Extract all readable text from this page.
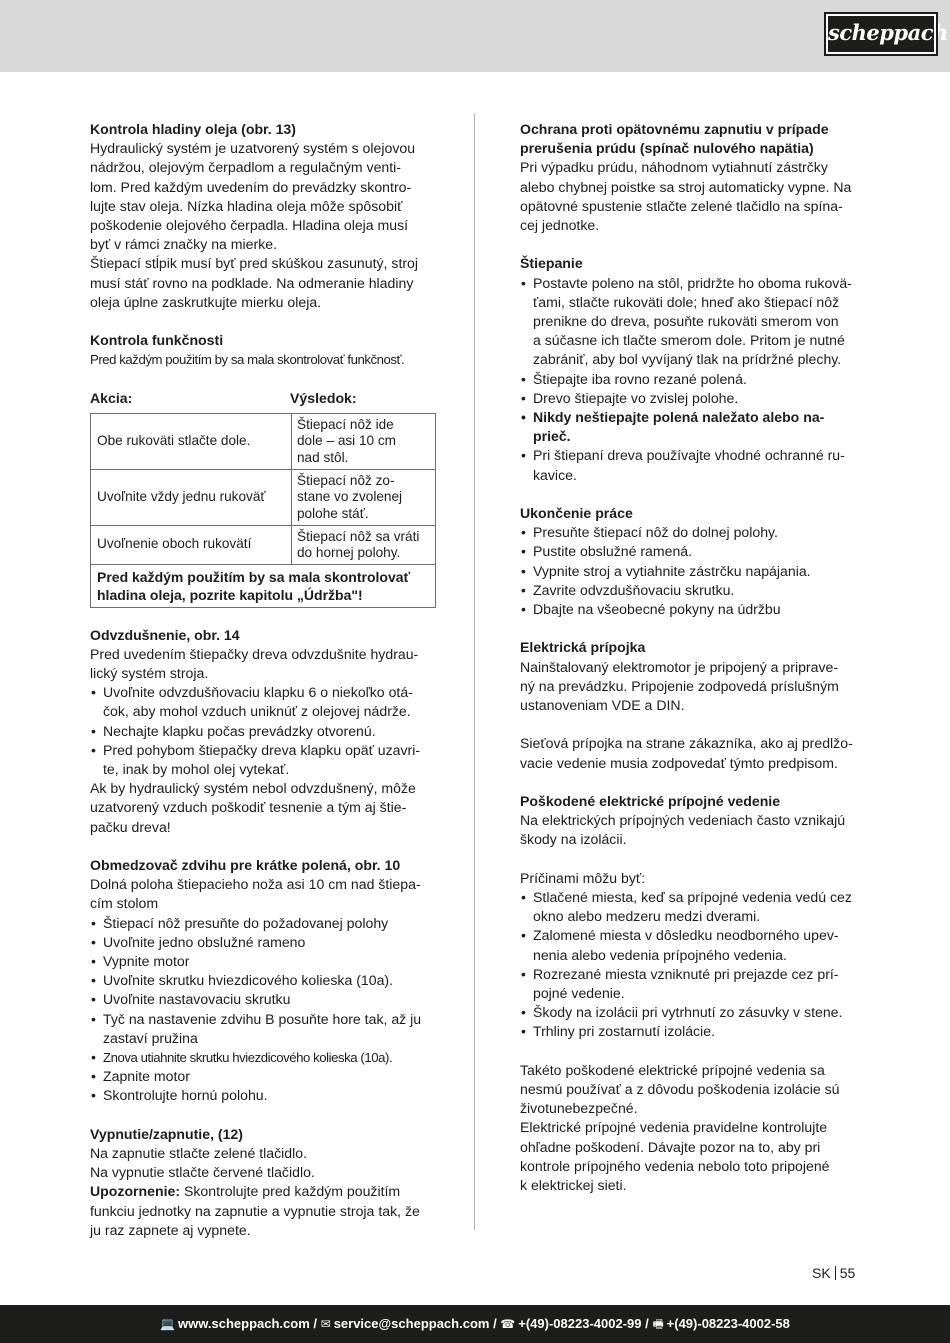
scheppach
Kontrola hladiny oleja (obr. 13)
Hydraulický systém je uzatvorený systém s olejovou
nádržou, olejovým čerpadlom a regulačným venti-
lom. Pred každým uvedením do prevádzky skontro-
lujte stav oleja. Nízka hladina oleja môže spôsobiť
poškodenie olejového čerpadla. Hladina oleja musí
byť v rámci značky na mierke.
Štiepací stĺpik musí byť pred skúškou zasunutý, stroj
musí stáť rovno na podklade. Na odmeranie hladiny
oleja úplne zaskrutkujte mierku oleja.
Kontrola funkčnosti
Pred každým použitím by sa mala skontrolovať funkčnosť.
Akcia:	Výsledok:
Obe rukoväti stlačte dole.	Štiepací nôž ide
dole – asi 10 cm
nad stôl.

Uvoľnite vždy jednu rukoväť	Štiepací nôž zo-
stane vo zvolenej
polohe stáť.

Uvoľnenie oboch rukovätí	Štiepací nôž sa vráti
do hornej polohy.

Pred každým použitím by sa mala skontrolovať
hladina oleja, pozrite kapitolu „Údržba"!	
Odvzdušnenie, obr. 14
Pred uvedením štiepačky dreva odvzdušnite hydrau-
lický systém stroja.
• Uvoľnite odvzdušňovaciu klapku 6 o niekoľko otá-
čok, aby mohol vzduch uniknúť z olejovej nádrže.
• Nechajte klapku počas prevádzky otvorenú.
• Pred pohybom štiepačky dreva klapku opäť uzavri-
te, inak by mohol olej vytekať.
Ak by hydraulický systém nebol odvzdušnený, môže
uzatvorený vzduch poškodiť tesnenie a tým aj štie-
pačku dreva!
Obmedzovač zdvihu pre krátke polená, obr. 10
Dolná poloha štiepacieho noža asi 10 cm nad štiepa-
cím stolom
• Štiepací nôž presuňte do požadovanej polohy
• Uvoľnite jedno obslužné rameno
• Vypnite motor
• Uvoľnite skrutku hviezdicového kolieska (10a).
• Uvoľnite nastavovaciu skrutku
• Tyč na nastavenie zdvihu B posuňte hore tak, až ju
zastaví pružina
• Znova utiahnite skrutku hviezdicového kolieska (10a).
• Zapnite motor
• Skontrolujte hornú polohu.
Vypnutie/zapnutie, (12)
Na zapnutie stlačte zelené tlačidlo.
Na vypnutie stlačte červené tlačidlo.
Upozornenie: Skontrolujte pred každým použitím
funkciu jednotky na zapnutie a vypnutie stroja tak, že
ju raz zapnete aj vypnete.
Ochrana proti opätovnému zapnutiu v prípade
prerušenia prúdu (spínač nulového napätia)
Pri výpadku prúdu, náhodnom vytiahnutí zástrčky
alebo chybnej poistke sa stroj automaticky vypne. Na
opätovné spustenie stlačte zelené tlačidlo na spína-
cej jednotke.
Štiepanie
• Postavte poleno na stôl, pridržte ho oboma rukovä-
ťami, stlačte rukoväti dole; hneď ako štiepací nôž
prenikne do dreva, posuňte rukoväti smerom von
a súčasne ich tlačte smerom dole. Pritom je nutné
zabrániť, aby bol vyvíjaný tlak na prídržné plechy.
• Štiepajte iba rovno rezané polená.
• Drevo štiepajte vo zvislej polohe.
• Nikdy neštiepajte polená naležato alebo na-
prieč.
• Pri štiepaní dreva používajte vhodné ochranné ru-
kavice.
Ukončenie práce
• Presuňte štiepací nôž do dolnej polohy.
• Pustite obslužné ramená.
• Vypnite stroj a vytiahnite zástrčku napájania.
• Zavrite odvzdušňovaciu skrutku.
• Dbajte na všeobecné pokyny na údržbu
Elektrická prípojka
Nainštalovaný elektromotor je pripojený a priprave-
ný na prevádzku. Pripojenie zodpovedá príslušným
ustanoveniam VDE a DIN.
Sieťová prípojka na strane zákazníka, ako aj predlžo-
vacie vedenie musia zodpovedať týmto predpisom.
Poškodené elektrické prípojné vedenie
Na elektrických prípojných vedeniach často vznikajú
škody na izolácii.
Príčinami môžu byť:
• Stlačené miesta, keď sa prípojné vedenia vedú cez
okno alebo medzeru medzi dverami.
• Zalomené miesta v dôsledku neodborného upev-
nenia alebo vedenia prípojného vedenia.
• Rozrezané miesta vzniknuté pri prejazde cez prí-
pojné vedenie.
• Škody na izolácii pri vytrhnutí zo zásuvky v stene.
• Trhliny pri zostarnutí izolácie.
Takéto poškodené elektrické prípojné vedenia sa
nesmú používať a z dôvodu poškodenia izolácie sú
životunebezpečné.
Elektrické prípojné vedenia pravidelne kontrolujte
ohľadne poškodení. Dávajte pozor na to, aby pri
kontrole prípojného vedenia nebolo toto pripojené
k elektrickej sieti.
SK 55
💻 www.scheppach.com / ✉ service@scheppach.com / ☎ +(49)-08223-4002-99 / 🖷 +(49)-08223-4002-58
